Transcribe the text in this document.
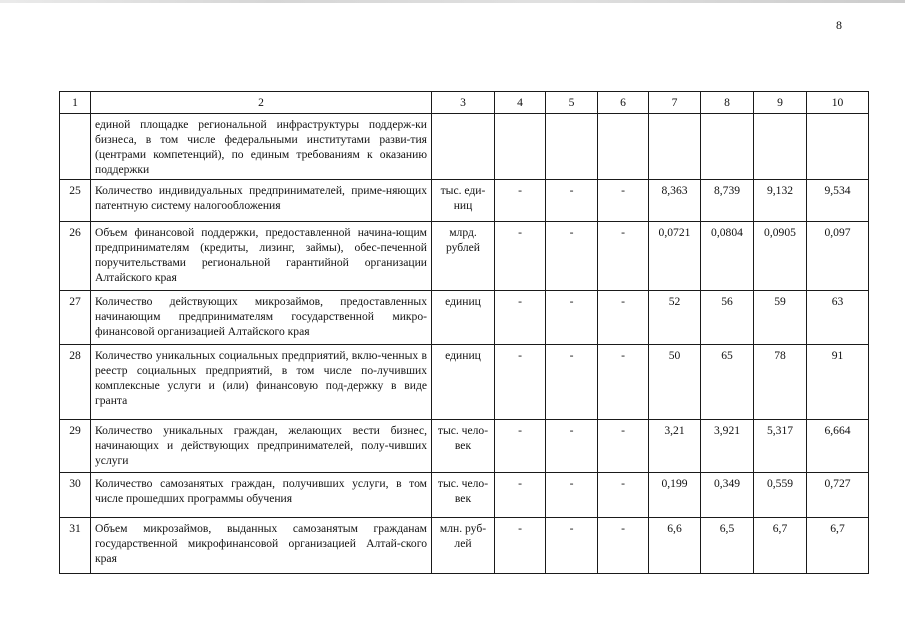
8
1	2	3	4	5	6	7	8	9	10
	единой площадке региональной инфраструктуры поддерж-ки бизнеса, в том числе федеральными институтами разви-тия (центрами компетенций), по единым требованиям к оказанию поддержки								
25	Количество индивидуальных предпринимателей, приме-няющих патентную систему налогообложения	тыс. еди-ниц	-	-	-	8,363	8,739	9,132	9,534
26	Объем финансовой поддержки, предоставленной начина-ющим предпринимателям (кредиты, лизинг, займы), обес-печенной поручительствами региональной гарантийной организации Алтайского края	млрд. рублей	-	-	-	0,0721	0,0804	0,0905	0,097
27	Количество действующих микрозаймов, предоставленных начинающим предпринимателям государственной микро-финансовой организацией Алтайского края	единиц	-	-	-	52	56	59	63
28	Количество уникальных социальных предприятий, вклю-ченных в реестр социальных предприятий, в том числе по-лучивших комплексные услуги и (или) финансовую под-держку в виде гранта	единиц	-	-	-	50	65	78	91
29	Количество уникальных граждан, желающих вести бизнес, начинающих и действующих предпринимателей, полу-чивших услуги	тыс. чело-век	-	-	-	3,21	3,921	5,317	6,664
30	Количество самозанятых граждан, получивших услуги, в том числе прошедших программы обучения	тыс. чело-век	-	-	-	0,199	0,349	0,559	0,727
31	Объем микрозаймов, выданных самозанятым гражданам государственной микрофинансовой организацией Алтай-ского края	млн. руб-лей	-	-	-	6,6	6,5	6,7	6,7
